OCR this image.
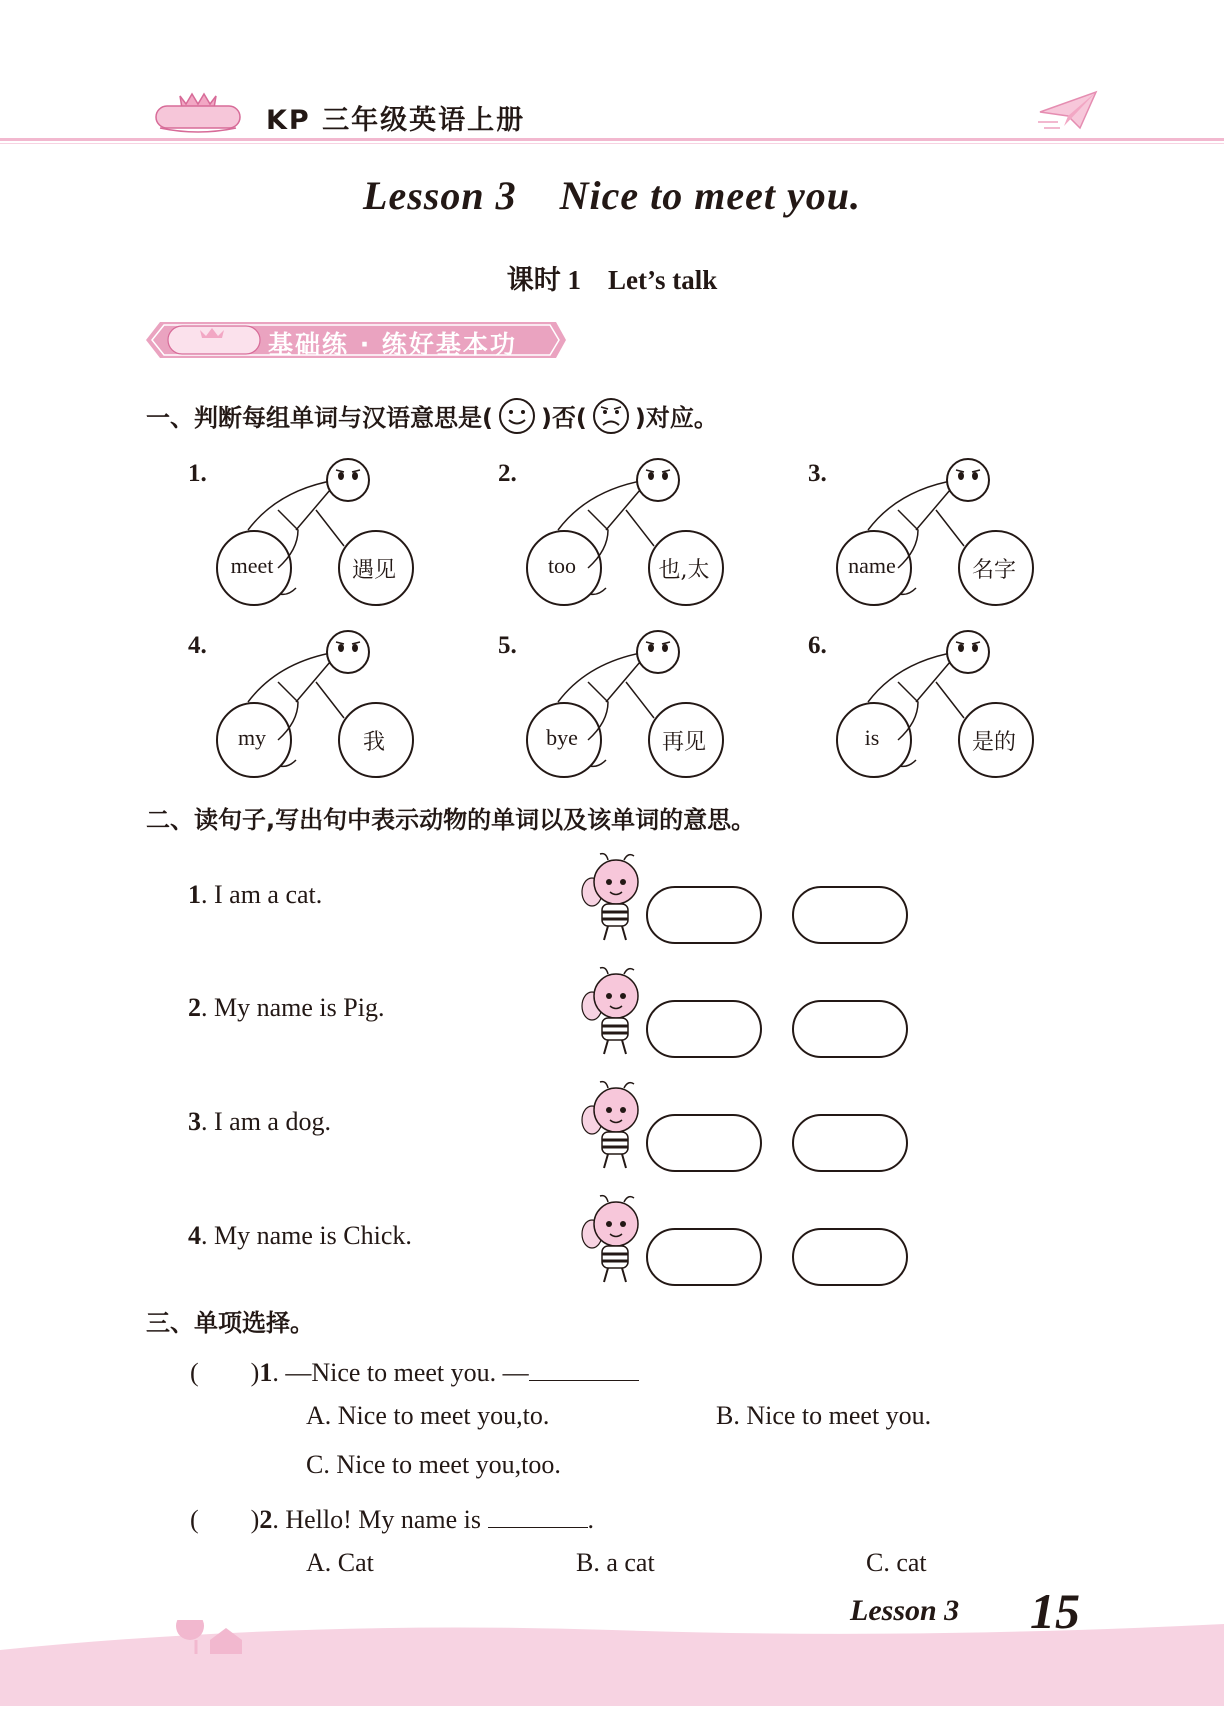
KP 三年级英语上册
Lesson 3 Nice to meet you.
课时 1　Let’s talk
基础练 · 练好基本功
一、判断每组单词与汉语意思是( )否( )对应。
1.
meet	遇见
2.
too	也,太
3.
name	名字
4.
my	我
5.
bye	再见
6.
is	是的
二、读句子,写出句中表示动物的单词以及该单词的意思。
1. I am a cat.
2. My name is Pig.
3. I am a dog.
4. My name is Chick.
三、单项选择。
(　　)1. —Nice to meet you. —
A. Nice to meet you,to.	B. Nice to meet you.
C. Nice to meet you,too.
(　　)2. Hello! My name is	.
A. Cat	B. a cat	C. cat
Lesson 3 15
